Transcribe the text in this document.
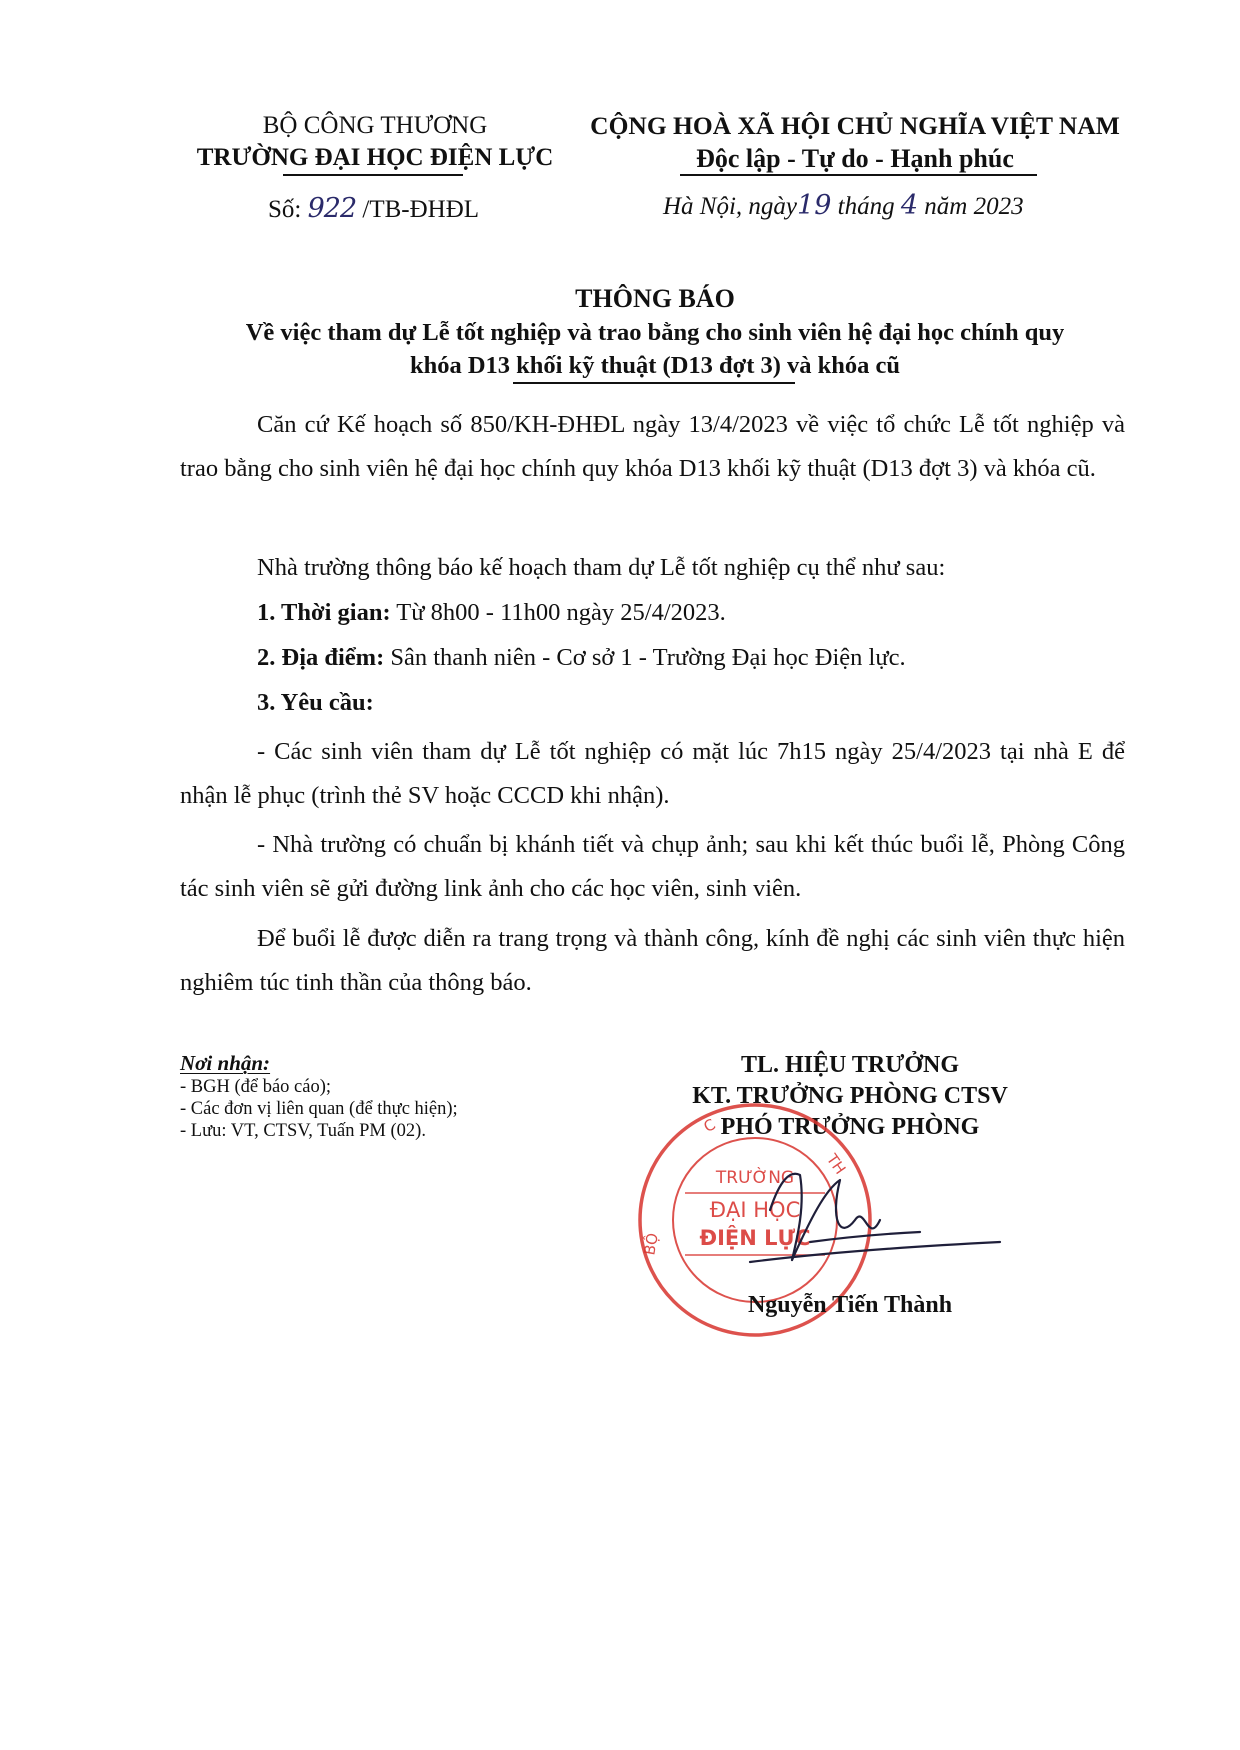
BỘ CÔNG THƯƠNG
TRƯỜNG ĐẠI HỌC ĐIỆN LỰC
Số: 922 /TB-ĐHĐL
CỘNG HOÀ XÃ HỘI CHỦ NGHĨA VIỆT NAM
Độc lập - Tự do - Hạnh phúc
Hà Nội, ngày19 tháng 4 năm 2023
THÔNG BÁO
Về việc tham dự Lễ tốt nghiệp và trao bằng cho sinh viên hệ đại học chính quy
khóa D13 khối kỹ thuật (D13 đợt 3) và khóa cũ

Căn cứ Kế hoạch số 850/KH-ĐHĐL ngày 13/4/2023 về việc tổ chức Lễ tốt nghiệp và trao bằng cho sinh viên hệ đại học chính quy khóa D13 khối kỹ thuật (D13 đợt 3) và khóa cũ.

Nhà trường thông báo kế hoạch tham dự Lễ tốt nghiệp cụ thể như sau:

1. Thời gian: Từ 8h00 - 11h00 ngày 25/4/2023.

2. Địa điểm: Sân thanh niên - Cơ sở 1 - Trường Đại học Điện lực.

3. Yêu cầu:

- Các sinh viên tham dự Lễ tốt nghiệp có mặt lúc 7h15 ngày 25/4/2023 tại nhà E để nhận lễ phục (trình thẻ SV hoặc CCCD khi nhận).

- Nhà trường có chuẩn bị khánh tiết và chụp ảnh; sau khi kết thúc buổi lễ, Phòng Công tác sinh viên sẽ gửi đường link ảnh cho các học viên, sinh viên.

Để buổi lễ được diễn ra trang trọng và thành công, kính đề nghị các sinh viên thực hiện nghiêm túc tinh thần của thông báo.

Nơi nhận:
- BGH (để báo cáo);
- Các đơn vị liên quan (để thực hiện);
- Lưu: VT, CTSV, Tuấn PM (02).
TL. HIỆU TRƯỞNG
KT. TRƯỞNG PHÒNG CTSV
PHÓ TRƯỞNG PHÒNG
TRƯỜNG
ĐẠI HỌC
ĐIỆN LỰC
BỘ
C
TH
Nguyễn Tiến Thành
